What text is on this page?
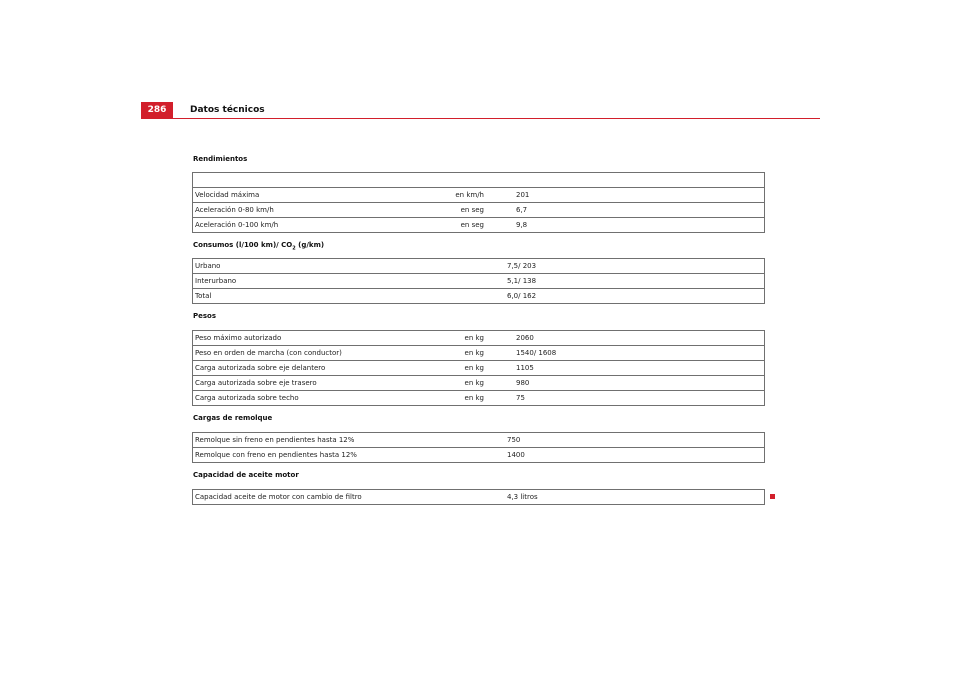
286	Datos técnicos
Rendimientos

Velocidad máxima	en km/h		201
Aceleración 0-80 km/h	en seg		6,7
Aceleración 0-100 km/h	en seg		9,8
Consumos (l/100 km)/ $CO_2$ (g/km)
Urbano	7,5/ 203
Interurbano	5,1/ 138
Total	6,0/ 162
Pesos
Peso máximo autorizado	en kg		2060
Peso en orden de marcha (con conductor)	en kg		1540/ 1608
Carga autorizada sobre eje delantero	en kg		1105
Carga autorizada sobre eje trasero	en kg		980
Carga autorizada sobre techo	en kg		75
Cargas de remolque
Remolque sin freno en pendientes hasta 12%	750
Remolque con freno en pendientes hasta 12%	1400
Capacidad de aceite motor
Capacidad aceite de motor con cambio de filtro	4,3 litros
